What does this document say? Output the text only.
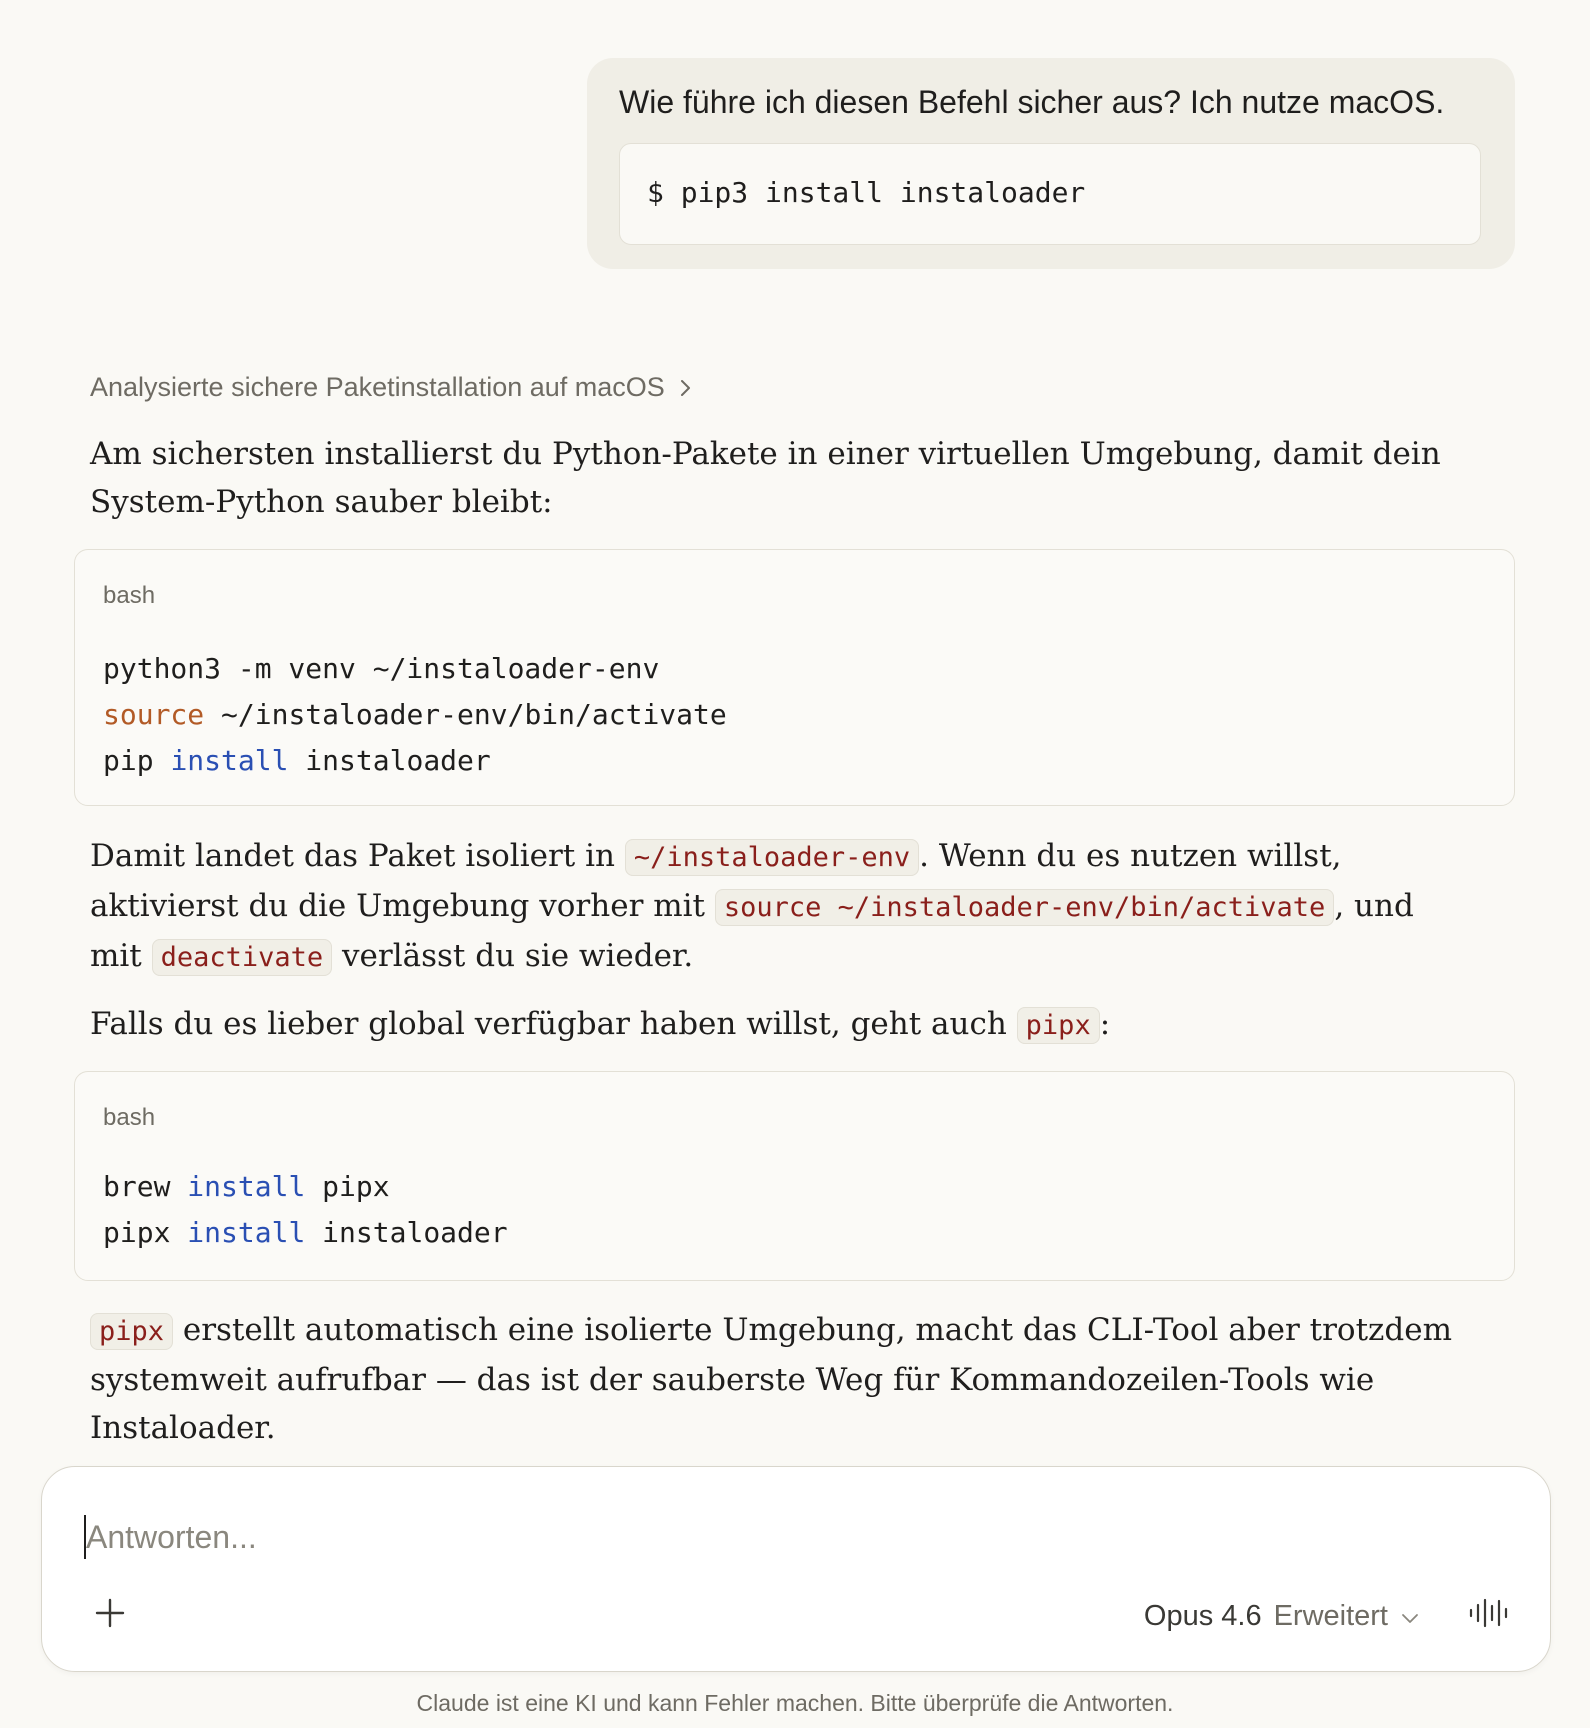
Wie führe ich diesen Befehl sicher aus? Ich nutze macOS.
$ pip3 install instaloader
Analysierte sichere Paketinstallation auf macOS
Am sichersten installierst du Python-Pakete in einer virtuellen Umgebung, damit dein System-Python sauber bleibt:
bash
python3 -m venv ~/instaloader-env
source ~/instaloader-env/bin/activate
pip install instaloader
Damit landet das Paket isoliert in ~/instaloader-env . Wenn du es nutzen willst, aktivierst du die Umgebung vorher mit source ~/instaloader-env/bin/activate , und mit deactivate verlässt du sie wieder.
Falls du es lieber global verfügbar haben willst, geht auch pipx :
bash
brew install pipx
pipx install instaloader
pipx erstellt automatisch eine isolierte Umgebung, macht das CLI-Tool aber trotzdem systemweit aufrufbar — das ist der sauberste Weg für Kommandozeilen-Tools wie Instaloader.
Antworten...
Opus 4.6 Erweitert
Claude ist eine KI und kann Fehler machen. Bitte überprüfe die Antworten.
